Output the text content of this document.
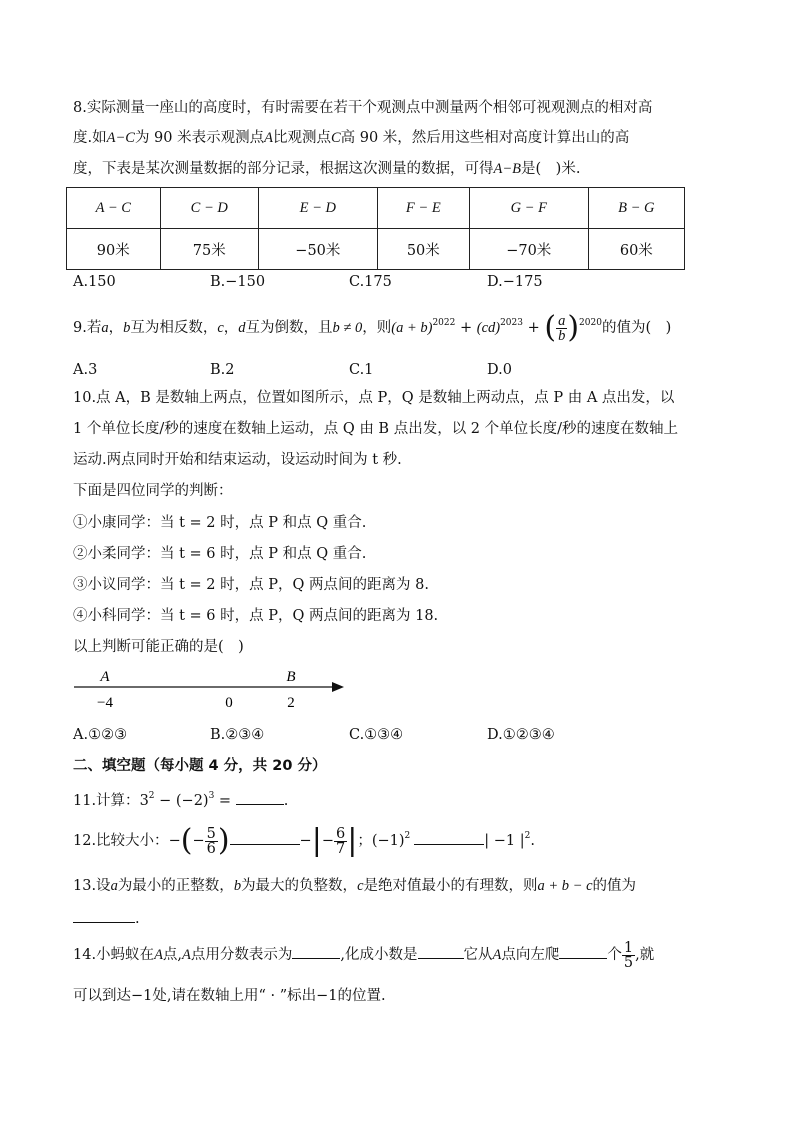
8.实际测量一座山的高度时，有时需要在若干个观测点中测量两个相邻可视观测点的相对高
度.如A−C为 90 米表示观测点A比观测点C高 90 米，然后用这些相对高度计算出山的高
度，下表是某次测量数据的部分记录，根据这次测量的数据，可得A−B是(　)米.
A − C	C − D	E − D	F − E	G − F	B − G
90米	75米	−50米	50米	−70米	60米
A.150	B.−150	C.175	D.−175
9.若a，b互为相反数，c，d互为倒数，且b ≠ 0，则$(a + b)^{2022} + (cd)^{2023}$ + ( $\frac{a}{b} )^{2020}$的值为(　)
A.3	B.2	C.1	D.0
10.点 A，B 是数轴上两点，位置如图所示，点 P，Q 是数轴上两动点，点 P 由 A 点出发，以
1 个单位长度/秒的速度在数轴上运动，点 Q 由 B 点出发，以 2 个单位长度/秒的速度在数轴上
运动.两点同时开始和结束运动，设运动时间为 t 秒.
下面是四位同学的判断：
①小康同学：当 t = 2 时，点 P 和点 Q 重合.
②小柔同学：当 t = 6 时，点 P 和点 Q 重合.
③小议同学：当 t = 2 时，点 P，Q 两点间的距离为 8.
④小科同学：当 t = 6 时，点 P，Q 两点间的距离为 18.
以上判断可能正确的是(　)
−4	0	2
A	B
A.①②③	B.②③④	C.①③④	D.①②③④
二、填空题（每小题 4 分，共 20 分）
11.计算：$3^2 - (-2)^3$ =	.
12.比较大小：−(− $\frac{5}{6}$ )	−|− $\frac{6}{7}$ |；$(-1)^2$	| −1 $|^2$.
13.设a为最小的正整数，b为最大的负整数，c是绝对值最小的有理数，则a + b − c的值为
.
14.小蚂蚁在A点,A点用分数表示为	,化成小数是	它从A点向左爬	个 $\frac{1}{5}$ ,就
可以到达−1处,请在数轴上用“ · ”标出−1的位置.
